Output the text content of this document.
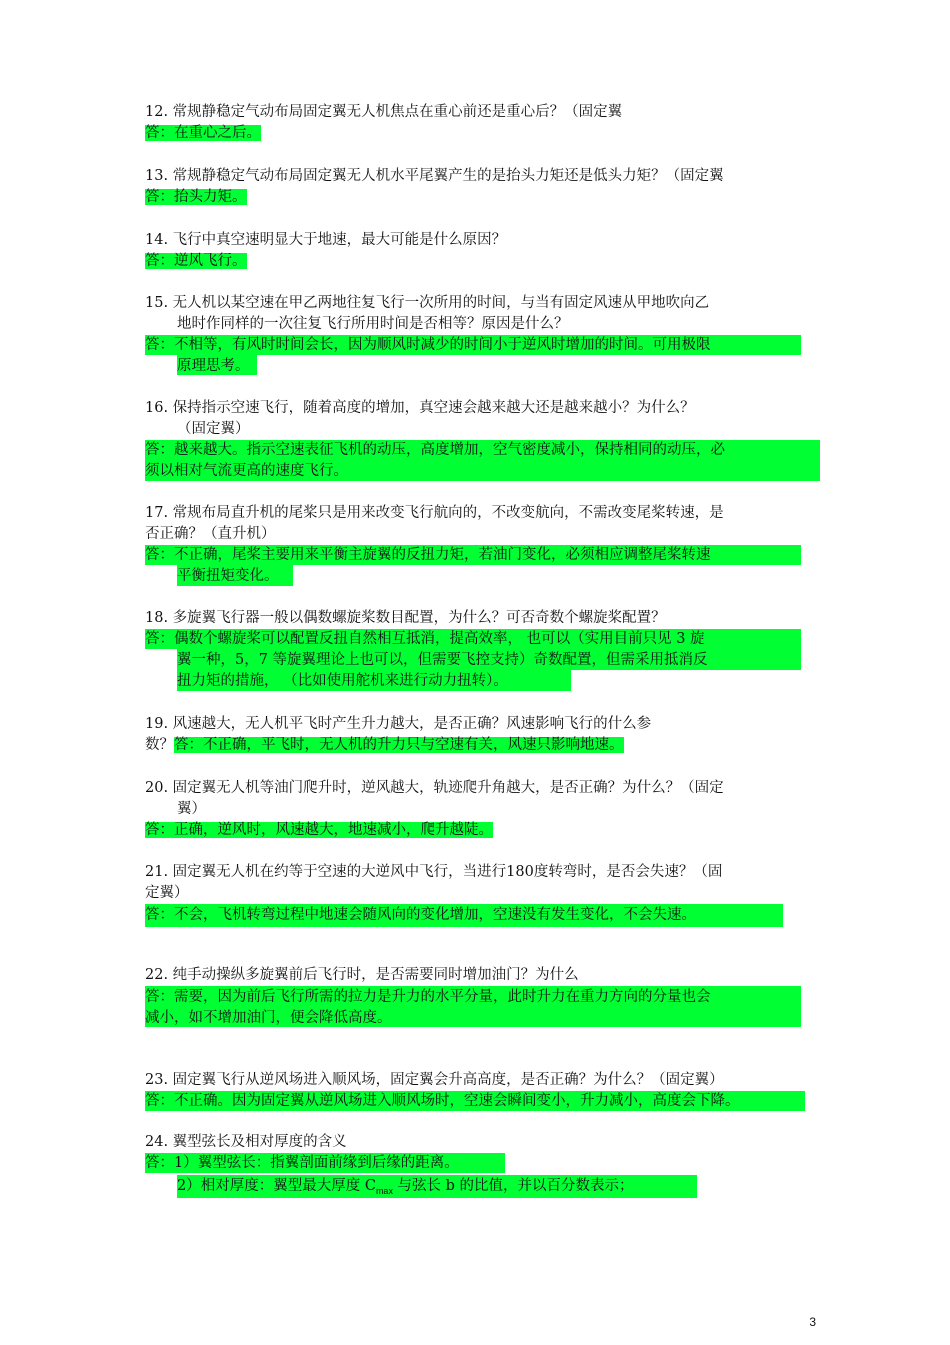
12. 常规静稳定气动布局固定翼无人机焦点在重心前还是重心后？（固定翼
答：在重心之后。
13. 常规静稳定气动布局固定翼无人机水平尾翼产生的是抬头力矩还是低头力矩？（固定翼
答：抬头力矩。
14. 飞行中真空速明显大于地速，最大可能是什么原因？
答：逆风飞行。
15. 无人机以某空速在甲乙两地往复飞行一次所用的时间，与当有固定风速从甲地吹向乙
地时作同样的一次往复飞行所用时间是否相等？原因是什么？
答：不相等，有风时时间会长，因为顺风时减少的时间小于逆风时增加的时间。可用极限
原理思考。
16. 保持指示空速飞行，随着高度的增加，真空速会越来越大还是越来越小？为什么？
（固定翼）
答：越来越大。指示空速表征飞机的动压，高度增加，空气密度减小，保持相同的动压，必
须以相对气流更高的速度飞行。
17. 常规布局直升机的尾桨只是用来改变飞行航向的，不改变航向，不需改变尾桨转速，是
否正确？（直升机）
答：不正确，尾桨主要用来平衡主旋翼的反扭力矩，若油门变化，必须相应调整尾桨转速
平衡扭矩变化。
18. 多旋翼飞行器一般以偶数螺旋桨数目配置，为什么？可否奇数个螺旋桨配置？
答：偶数个螺旋桨可以配置反扭自然相互抵消，提高效率， 也可以（实用目前只见 3 旋
翼一种，5，7 等旋翼理论上也可以，但需要飞控支持）奇数配置，但需采用抵消反
扭力矩的措施， （比如使用舵机来进行动力扭转）。
19. 风速越大，无人机平飞时产生升力越大，是否正确？风速影响飞行的什么参
数？答：不正确，平飞时，无人机的升力只与空速有关，风速只影响地速。
20. 固定翼无人机等油门爬升时，逆风越大，轨迹爬升角越大，是否正确？为什么？（固定
翼）
答：正确，逆风时，风速越大，地速减小，爬升越陡。
21. 固定翼无人机在约等于空速的大逆风中飞行，当进行180度转弯时，是否会失速？（固
定翼）
答：不会，飞机转弯过程中地速会随风向的变化增加，空速没有发生变化，不会失速。
22. 纯手动操纵多旋翼前后飞行时，是否需要同时增加油门？为什么
答：需要，因为前后飞行所需的拉力是升力的水平分量，此时升力在重力方向的分量也会
减小，如不增加油门，便会降低高度。
23. 固定翼飞行从逆风场进入顺风场，固定翼会升高高度，是否正确？为什么？（固定翼）
答：不正确。因为固定翼从逆风场进入顺风场时，空速会瞬间变小，升力减小，高度会下降。
24. 翼型弦长及相对厚度的含义
答：1）翼型弦长：指翼剖面前缘到后缘的距离。
2）相对厚度：翼型最大厚度 $C_{max}$ 与弦长 b 的比值，并以百分数表示；
3
